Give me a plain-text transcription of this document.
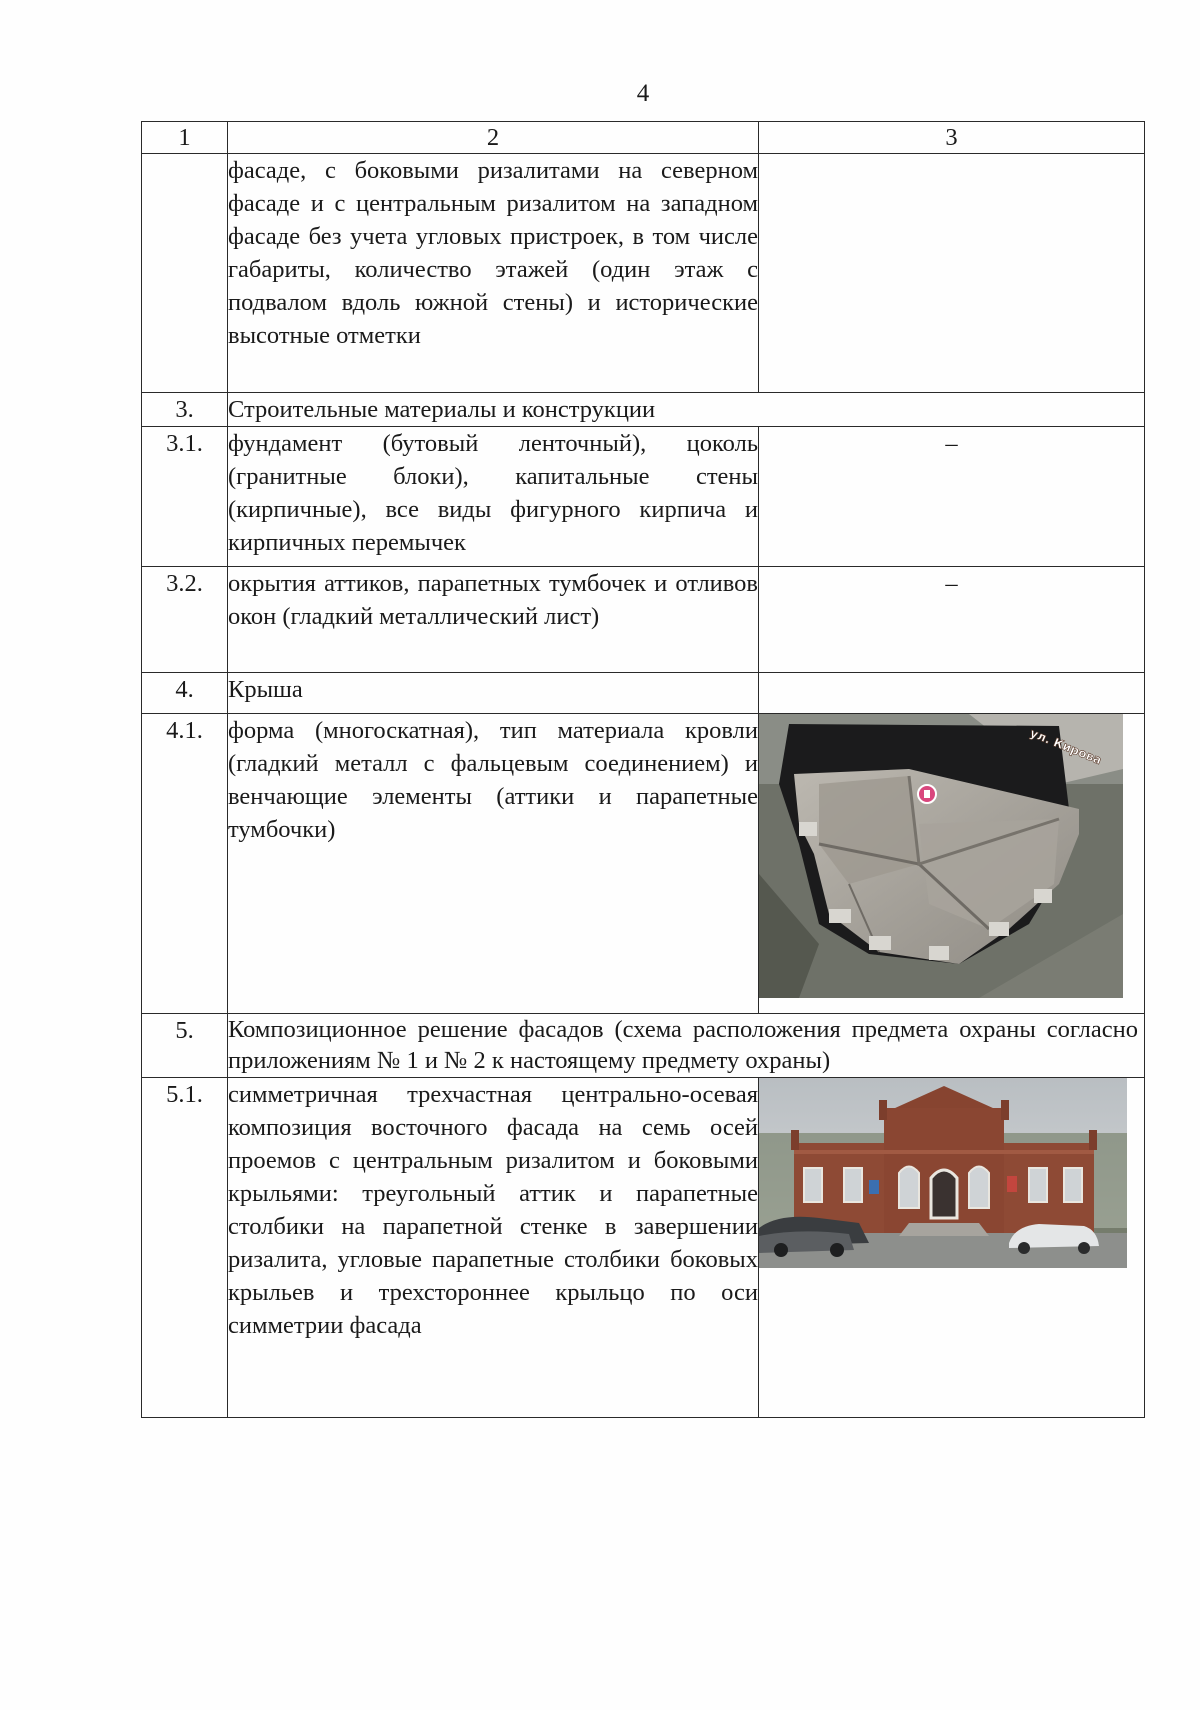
4
1	2	3
	фасаде, с боковыми ризалитами на северном фасаде и с центральным ризалитом на западном фасаде без учета угловых пристроек, в том числе габариты, количество этажей (один этаж с подвалом вдоль южной стены) и исторические высотные отметки	
3.	Строительные материалы и конструкции	
3.1.	фундамент (бутовый ленточный), цоколь (гранитные блоки), капитальные стены (кирпичные), все виды фигурного кирпича и кирпичных перемычек	–
3.2.	окрытия аттиков, парапетных тумбочек и отливов окон (гладкий металлический лист)	–
4.	Крыша	
4.1.	форма (многоскатная), тип материала кровли (гладкий металл с фальцевым соединением) и венчающие элементы (аттики и парапетные тумбочки)	ул. Кирова

5.	Композиционное решение фасадов (схема расположения предмета охраны согласно приложениям № 1 и № 2 к настоящему предмету охраны)	
5.1.	симметричная трехчастная центрально-осевая композиция восточного фасада на семь осей проемов с центральным ризалитом и боковыми крыльями: треугольный аттик и парапетные столбики на парапетной стенке в завершении ризалита, угловые парапетные столбики боковых крыльев и трехстороннее крыльцо по оси симметрии фасада	
